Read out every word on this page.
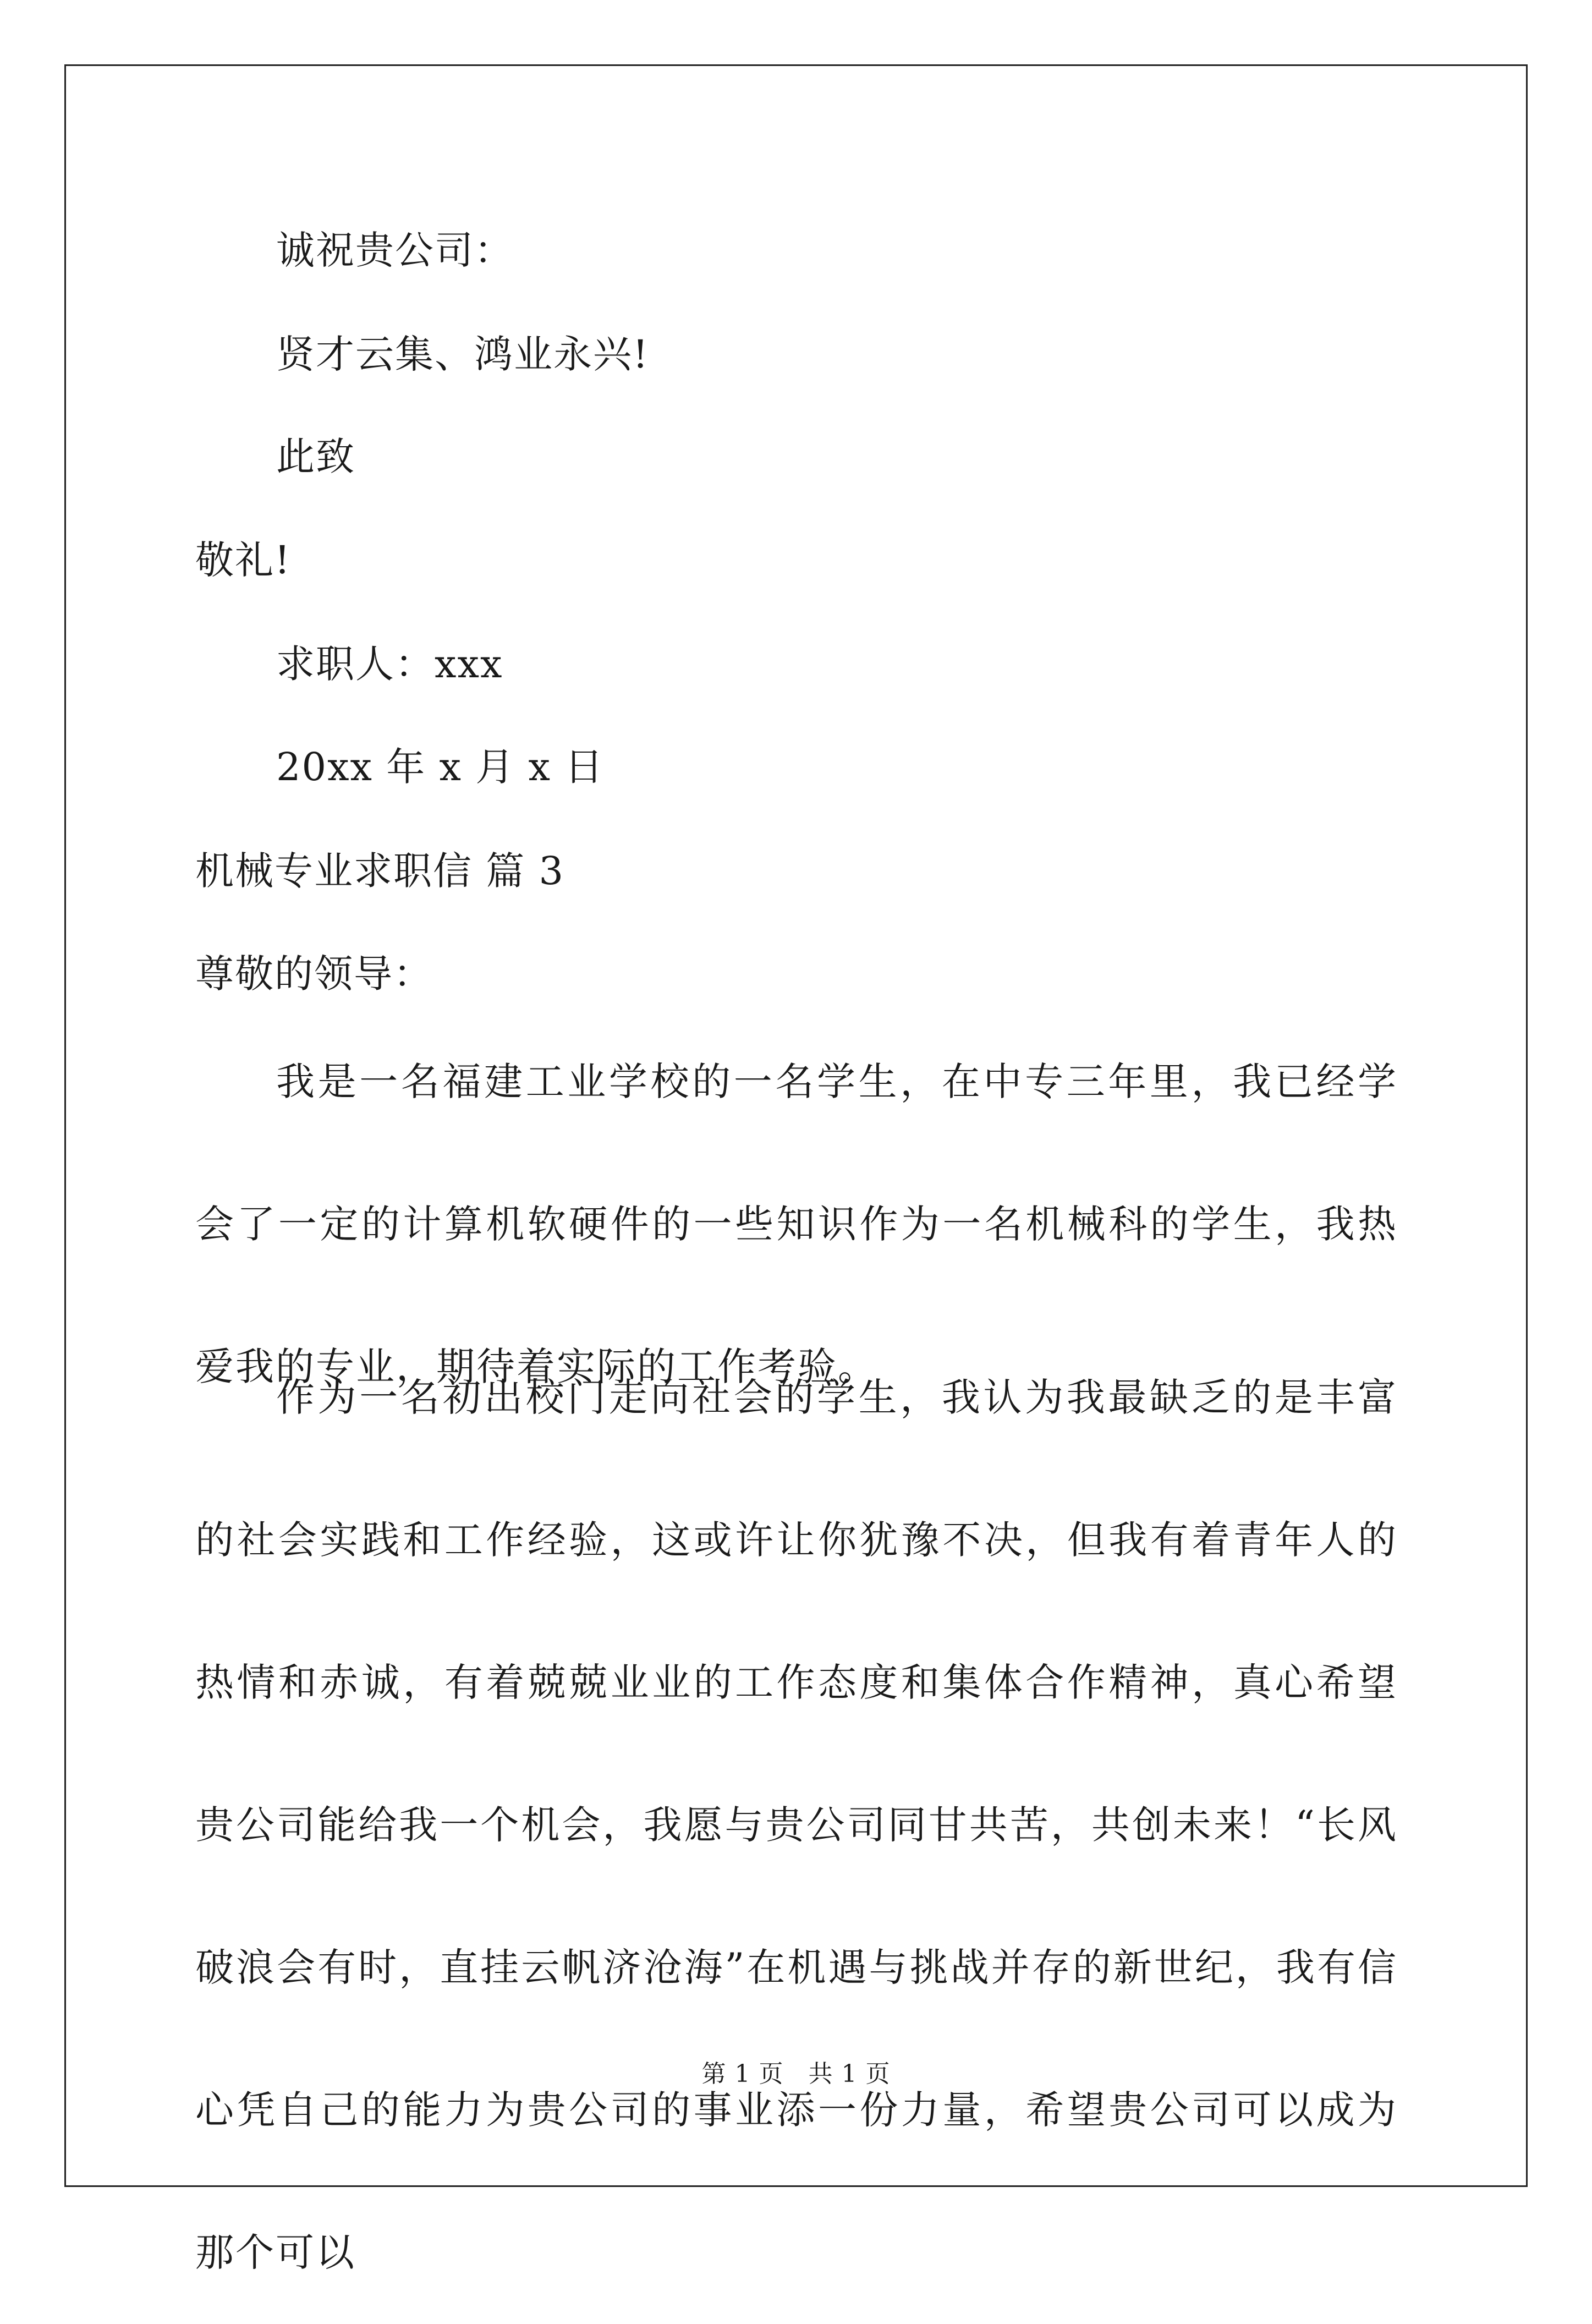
诚祝贵公司：
贤才云集、鸿业永兴!
此致
敬礼!
求职人：xxx
20xx 年 x 月 x 日
机械专业求职信 篇 3
尊敬的领导：

我是一名福建工业学校的一名学生，在中专三年里，我已经学会了一定的计算机软硬件的一些知识作为一名机械科的学生，我热爱我的专业，期待着实际的工作考验。

作为一名初出校门走向社会的学生，我认为我最缺乏的是丰富的社会实践和工作经验，这或许让你犹豫不决，但我有着青年人的热情和赤诚，有着兢兢业业的工作态度和集体合作精神，真心希望贵公司能给我一个机会，我愿与贵公司同甘共苦，共创未来！“长风破浪会有时，直挂云帆济沧海”在机遇与挑战并存的新世纪，我有信心凭自己的能力为贵公司的事业添一份力量，希望贵公司可以成为那个可以

第 1 页　共 1 页
